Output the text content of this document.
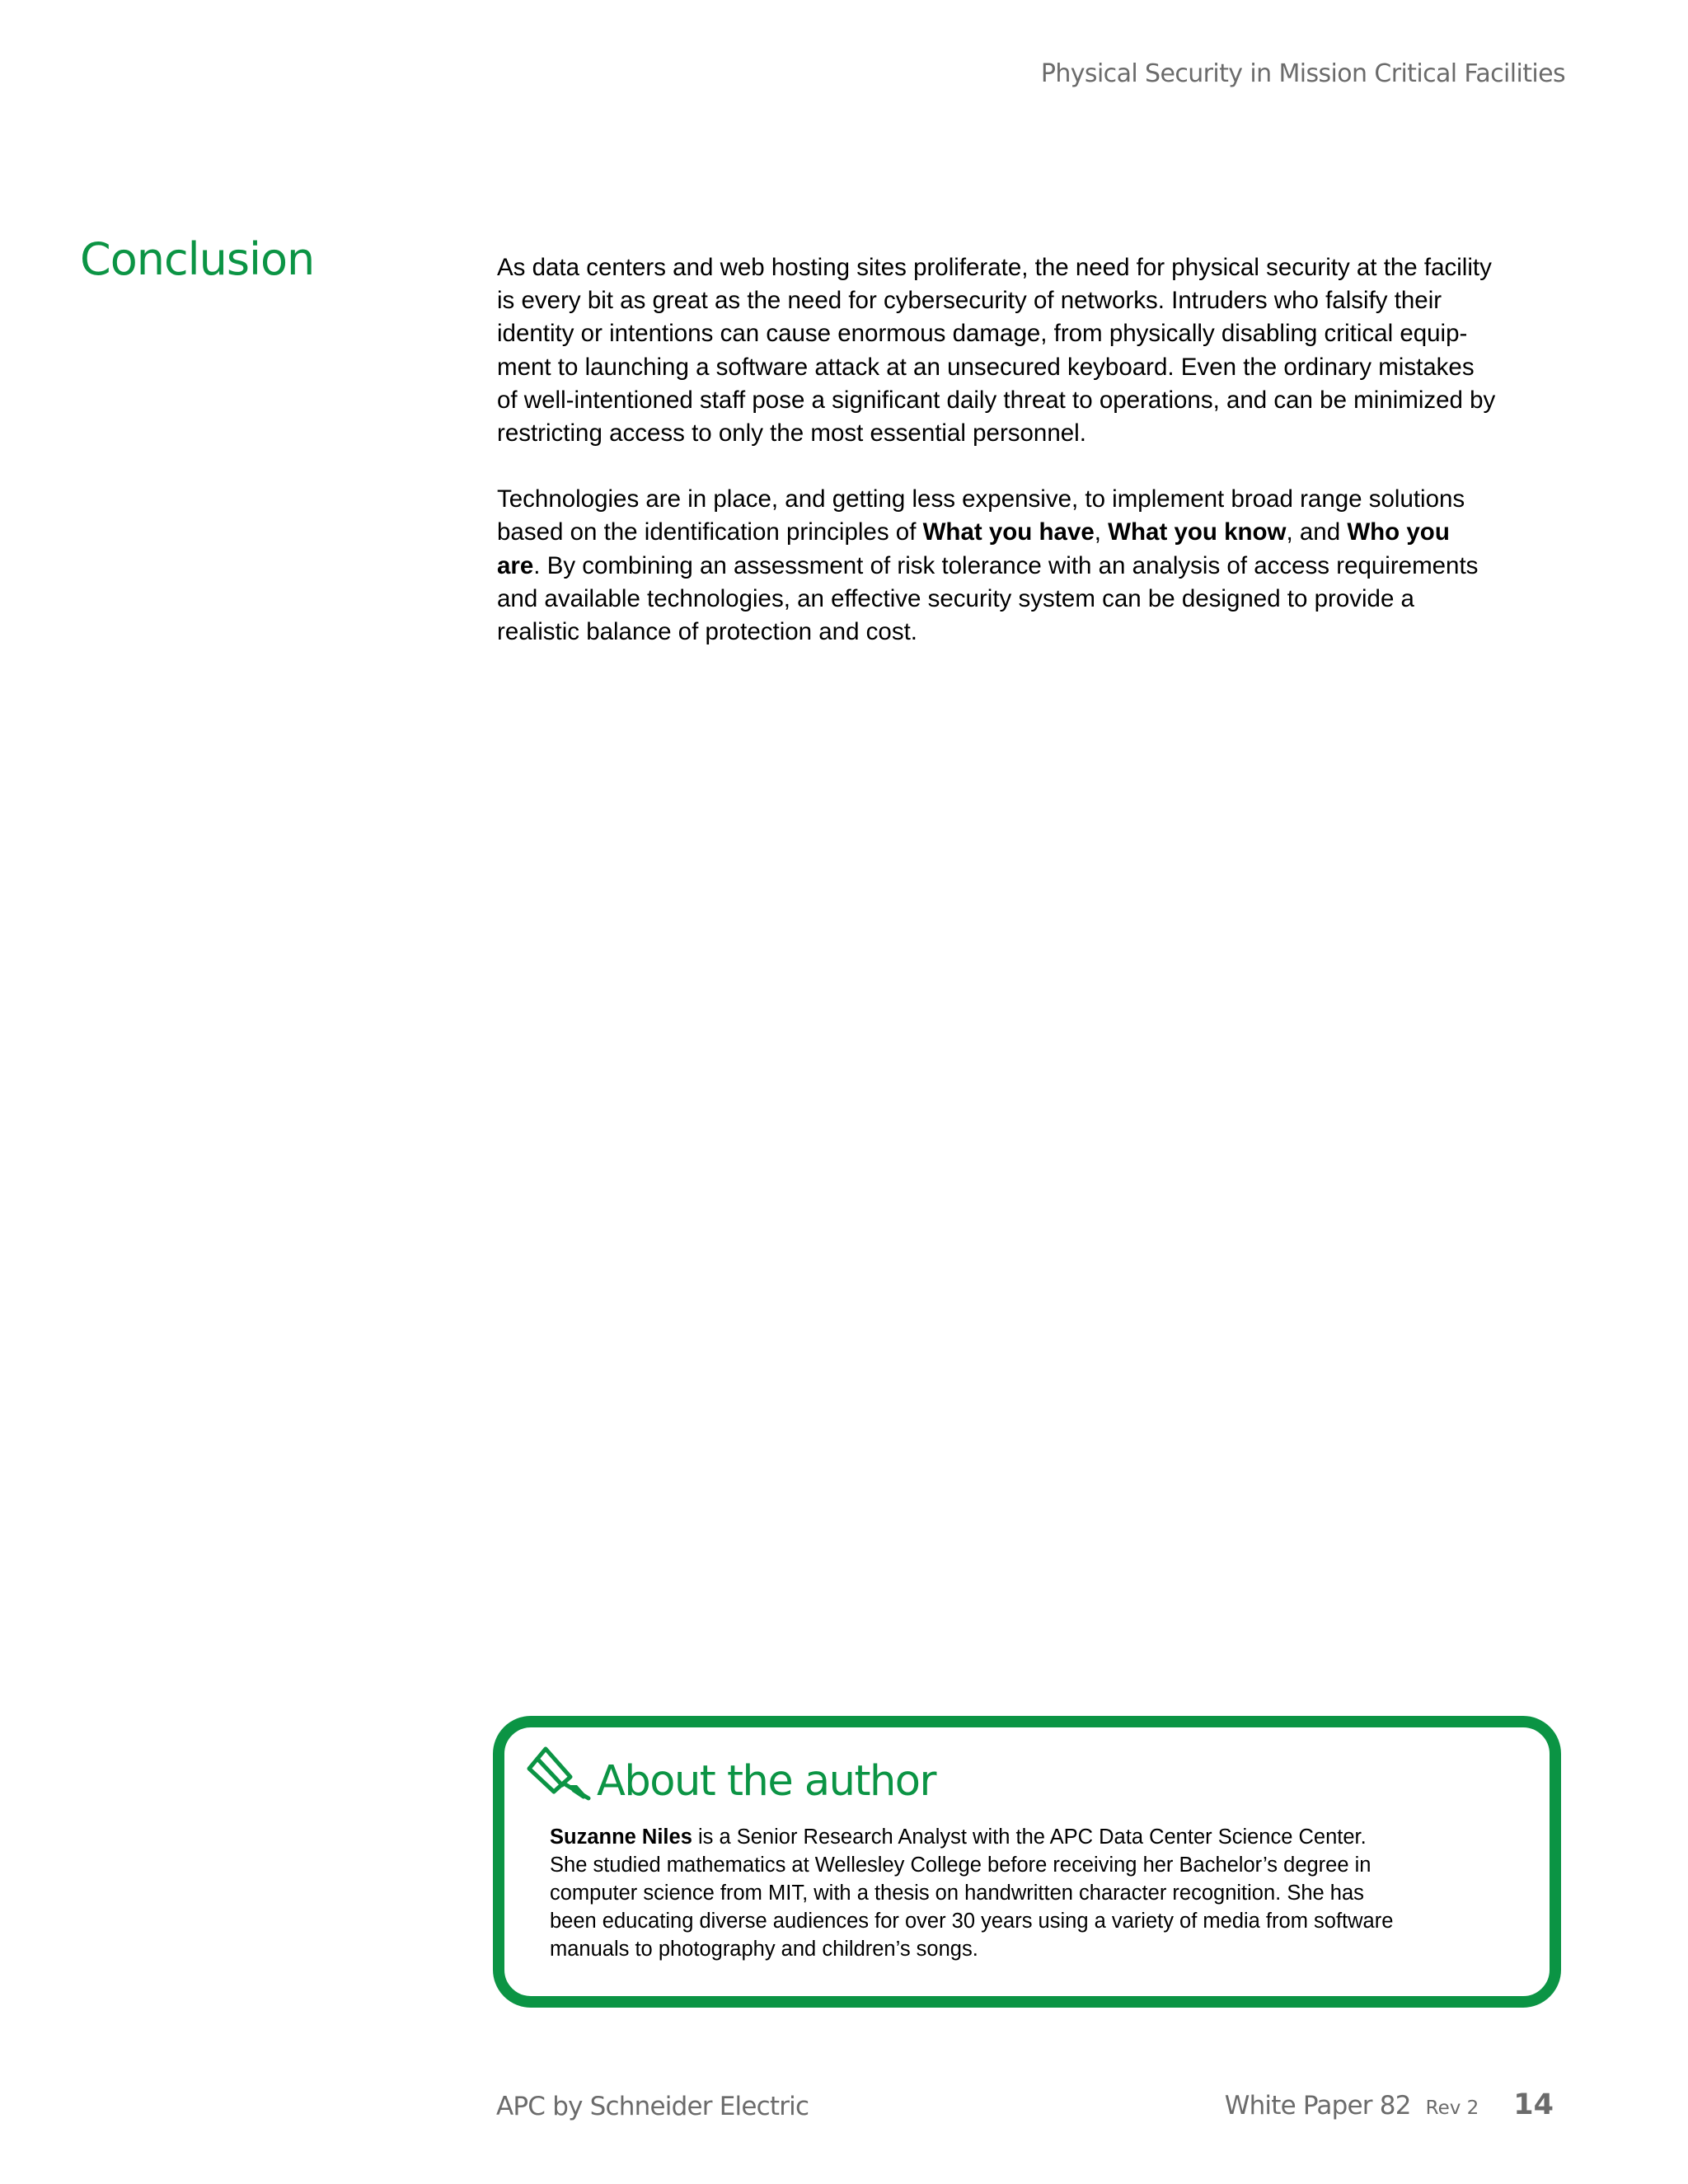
Physical Security in Mission Critical Facilities
Conclusion	As data centers and web hosting sites proliferate, the need for physical security at the facility
is every bit as great as the need for cybersecurity of networks. Intruders who falsify their
identity or intentions can cause enormous damage, from physically disabling critical equip-
ment to launching a software attack at an unsecured keyboard. Even the ordinary mistakes
of well-intentioned staff pose a significant daily threat to operations, and can be minimized by
restricting access to only the most essential personnel.

Technologies are in place, and getting less expensive, to implement broad range solutions
based on the identification principles of What you have, What you know, and Who you
are. By combining an assessment of risk tolerance with an analysis of access requirements
and available technologies, an effective security system can be designed to provide a
realistic balance of protection and cost.

About the author
Suzanne Niles is a Senior Research Analyst with the APC Data Center Science Center.
She studied mathematics at Wellesley College before receiving her Bachelor’s degree in
computer science from MIT, with a thesis on handwritten character recognition. She has
been educating diverse audiences for over 30 years using a variety of media from software
manuals to photography and children’s songs.
APC by Schneider Electric	White Paper 82 Rev 2 14
